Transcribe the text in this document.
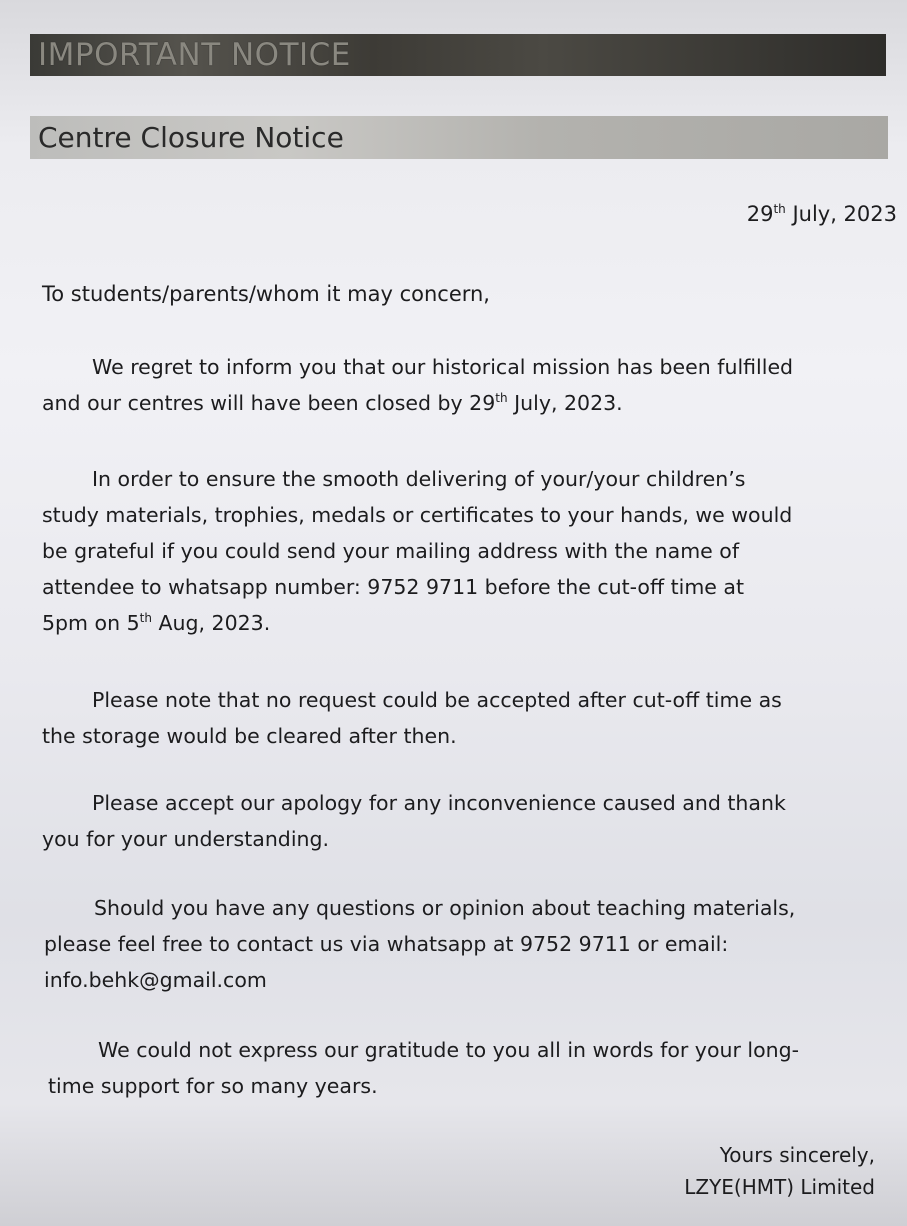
IMPORTANT NOTICE
Centre Closure Notice
29th July, 2023
To students/parents/whom it may concern,
We regret to inform you that our historical mission has been fulfilled
and our centres will have been closed by 29th July, 2023.
In order to ensure the smooth delivering of your/your children’s
study materials, trophies, medals or certificates to your hands, we would
be grateful if you could send your mailing address with the name of
attendee to whatsapp number: 9752 9711 before the cut-off time at
5pm on 5th Aug, 2023.
Please note that no request could be accepted after cut-off time as
the storage would be cleared after then.
Please accept our apology for any inconvenience caused and thank
you for your understanding.
Should you have any questions or opinion about teaching materials,
please feel free to contact us via whatsapp at 9752 9711 or email:
info.behk@gmail.com
We could not express our gratitude to you all in words for your long-
time support for so many years.
Yours sincerely,
LZYE(HMT) Limited
